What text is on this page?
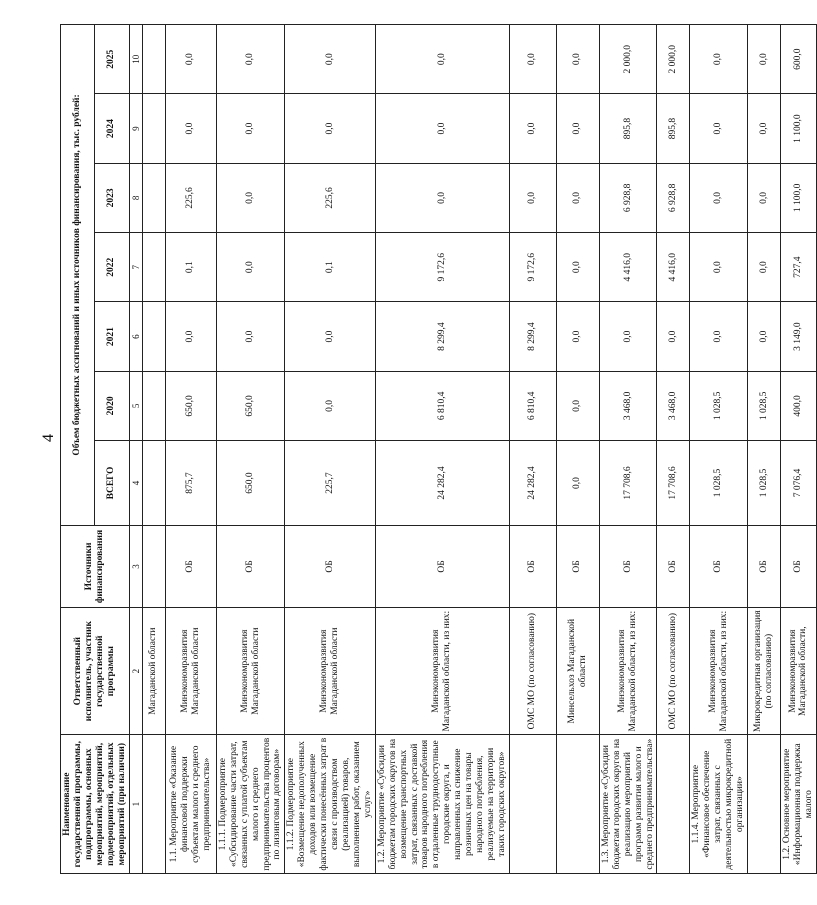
4
Наименование государственной программы, подпрограммы, основных мероприятий, мероприятий, подмероприятий, отдельных мероприятий (при наличии)	Ответственный исполнитель, участник государственной программы	Источники финансирования	Объем бюджетных ассигнований и иных источников финансирования, тыс. рублей:						
			ВСЕГО	2020	2021	2022	2023	2024	2025
1	2	3	4	5	6	7	8	9	10
	Магаданской области								
1.1. Мероприятие «Оказание финансовой поддержки субъектам малого и среднего предпринимательства»	Минэкономразвития Магаданской области	ОБ	875,7	650,0	0,0	0,1	225,6	0,0	0,0
1.1.1. Подмероприятие «Субсидирование части затрат, связанных с уплатой субъектам малого и среднего предпринимательства процентов по лизинговым договорам»	Минэкономразвития Магаданской области	ОБ	650,0	650,0	0,0	0,0	0,0	0,0	0,0
1.1.2. Подмероприятие «Возмещение недополученных доходов или возмещение фактически понесённых затрат в связи с производством (реализацией) товаров, выполнением работ, оказанием услуг»	Минэкономразвития Магаданской области	ОБ	225,7	0,0	0,0	0,1	225,6	0,0	0,0
1.2. Мероприятие «Субсидии бюджетам городских округов на возмещение транспортных затрат, связанных с доставкой товаров народного потребления в отдаленные труднодоступные городские округа, и направленных на снижение розничных цен на товары народного потребления, реализуемые на территории таких городских округов»	Минэкономразвития Магаданской области, из них:	ОБ	24 282,4	6 810,4	8 299,4	9 172,6	0,0	0,0	0,0
	ОМС МО (по согласованию)	ОБ	24 282,4	6 810,4	8 299,4	9 172,6	0,0	0,0	0,0
	Минсельхоз Магаданской области	ОБ	0,0	0,0	0,0	0,0	0,0	0,0	0,0
1.3. Мероприятие «Субсидии бюджетам городских округов на реализацию мероприятий программ развития малого и среднего предпринимательства»	Минэкономразвития Магаданской области, из них:	ОБ	17 708,6	3 468,0	0,0	4 416,0	6 928,8	895,8	2 000,0
	ОМС МО (по согласованию)	ОБ	17 708,6	3 468,0	0,0	4 416,0	6 928,8	895,8	2 000,0
1.1.4. Мероприятие «Финансовое обеспечение затрат, связанных с деятельностью микрокредитной организации»	Минэкономразвития Магаданской области, из них:	ОБ	1 028,5	1 028,5	0,0	0,0	0,0	0,0	0,0
	Микрокредитная организация (по согласованию)	ОБ	1 028,5	1 028,5	0,0	0,0	0,0	0,0	0,0
1.2. Основное мероприятие «Информационная поддержка малого	Минэкономразвития Магаданской области,	ОБ	7 076,4	400,0	3 149,0	727,4	1 100,0	1 100,0	600,0
